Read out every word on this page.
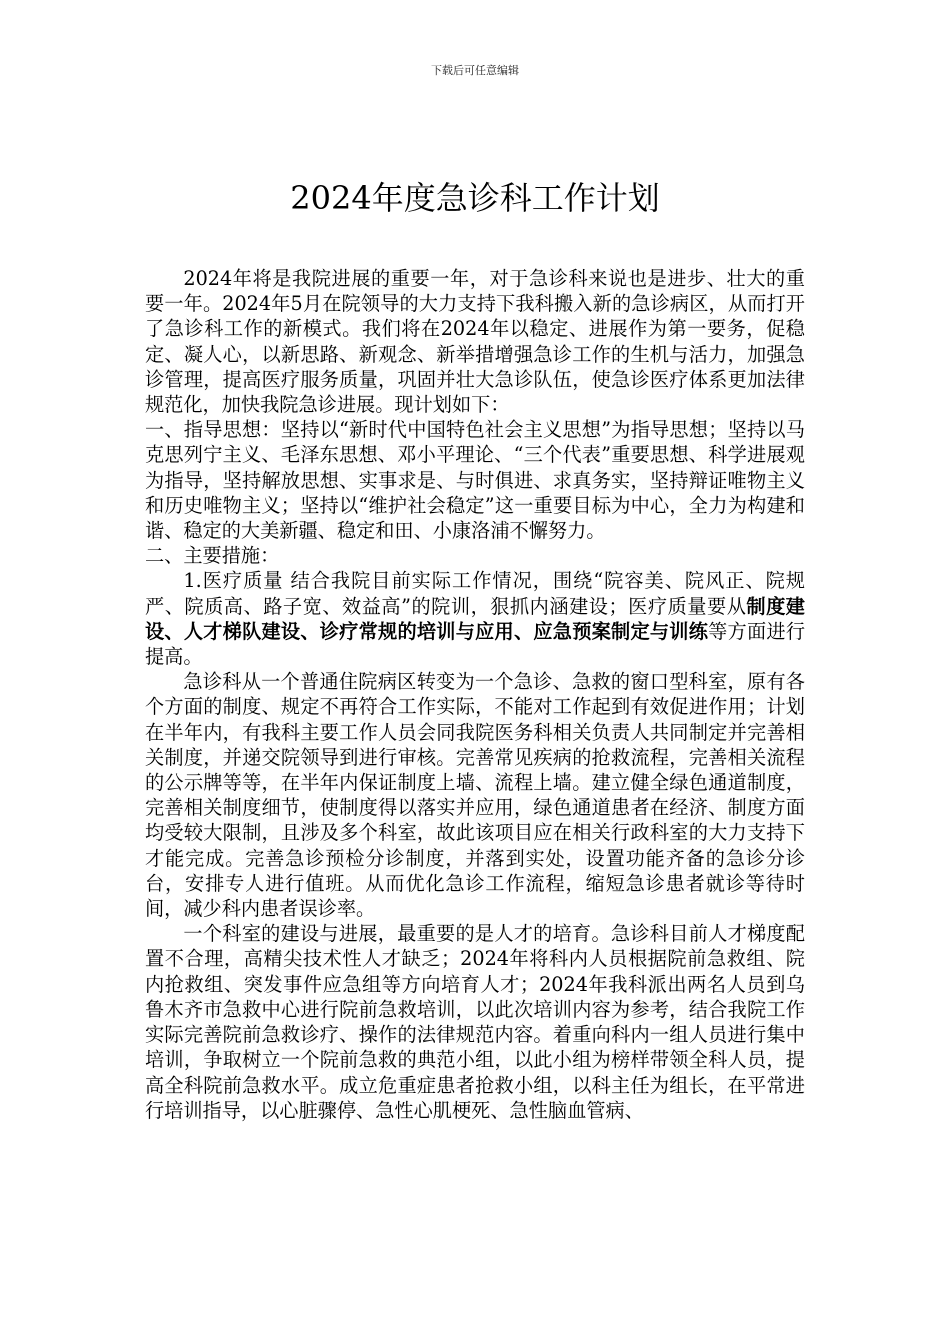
下载后可任意编辑
2024年度急诊科工作计划

2024年将是我院进展的重要一年，对于急诊科来说也是进步、壮大的重要一年。2024年5月在院领导的大力支持下我科搬入新的急诊病区，从而打开了急诊科工作的新模式。我们将在2024年以稳定、进展作为第一要务，促稳定、凝人心，以新思路、新观念、新举措增强急诊工作的生机与活力，加强急诊管理，提高医疗服务质量，巩固并壮大急诊队伍，使急诊医疗体系更加法律规范化，加快我院急诊进展。现计划如下：

一、指导思想：坚持以“新时代中国特色社会主义思想”为指导思想；坚持以马克思列宁主义、毛泽东思想、邓小平理论、“三个代表”重要思想、科学进展观为指导，坚持解放思想、实事求是、与时俱进、求真务实，坚持辩证唯物主义和历史唯物主义；坚持以“维护社会稳定”这一重要目标为中心，全力为构建和谐、稳定的大美新疆、稳定和田、小康洛浦不懈努力。

二、主要措施：

1.医疗质量 结合我院目前实际工作情况，围绕“院容美、院风正、院规严、院质高、路子宽、效益高”的院训，狠抓内涵建设；医疗质量要从制度建设、人才梯队建设、诊疗常规的培训与应用、应急预案制定与训练等方面进行提高。

急诊科从一个普通住院病区转变为一个急诊、急救的窗口型科室，原有各个方面的制度、规定不再符合工作实际，不能对工作起到有效促进作用；计划在半年内，有我科主要工作人员会同我院医务科相关负责人共同制定并完善相关制度，并递交院领导到进行审核。完善常见疾病的抢救流程，完善相关流程的公示牌等等，在半年内保证制度上墙、流程上墙。建立健全绿色通道制度，完善相关制度细节，使制度得以落实并应用，绿色通道患者在经济、制度方面均受较大限制，且涉及多个科室，故此该项目应在相关行政科室的大力支持下才能完成。完善急诊预检分诊制度，并落到实处，设置功能齐备的急诊分诊台，安排专人进行值班。从而优化急诊工作流程，缩短急诊患者就诊等待时间，减少科内患者误诊率。

一个科室的建设与进展，最重要的是人才的培育。急诊科目前人才梯度配置不合理，高精尖技术性人才缺乏；2024年将科内人员根据院前急救组、院内抢救组、突发事件应急组等方向培育人才；2024年我科派出两名人员到乌鲁木齐市急救中心进行院前急救培训，以此次培训内容为参考，结合我院工作实际完善院前急救诊疗、操作的法律规范内容。着重向科内一组人员进行集中培训，争取树立一个院前急救的典范小组，以此小组为榜样带领全科人员，提高全科院前急救水平。成立危重症患者抢救小组，以科主任为组长，在平常进行培训指导，以心脏骤停、急性心肌梗死、急性脑血管病、
